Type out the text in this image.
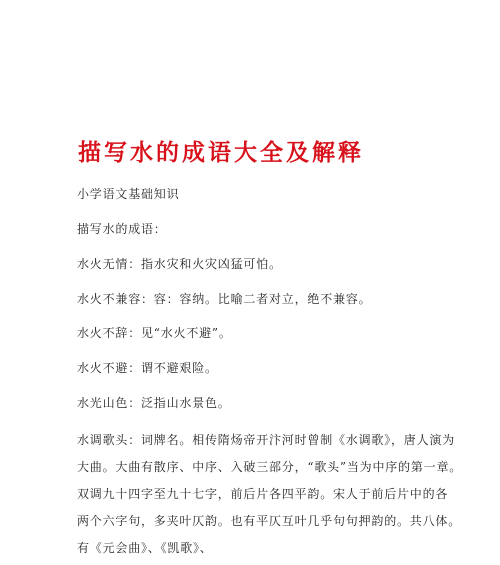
描写水的成语大全及解释
小学语文基础知识
描写水的成语：
水火无情：指水灾和火灾凶猛可怕。
水火不兼容：容：容纳。比喻二者对立，绝不兼容。
水火不辞：见“水火不避”。
水火不避：谓不避艰险。
水光山色：泛指山水景色。
水调歌头：词牌名。相传隋炀帝开汴河时曾制《水调歌》，唐人演为
大曲。大曲有散序、中序、入破三部分，“歌头”当为中序的第一章。
双调九十四字至九十七字，前后片各四平韵。宋人于前后片中的各
两个六字句，多夹叶仄韵。也有平仄互叶几乎句句押韵的。共八体。
有《元会曲》、《凯歌》、
